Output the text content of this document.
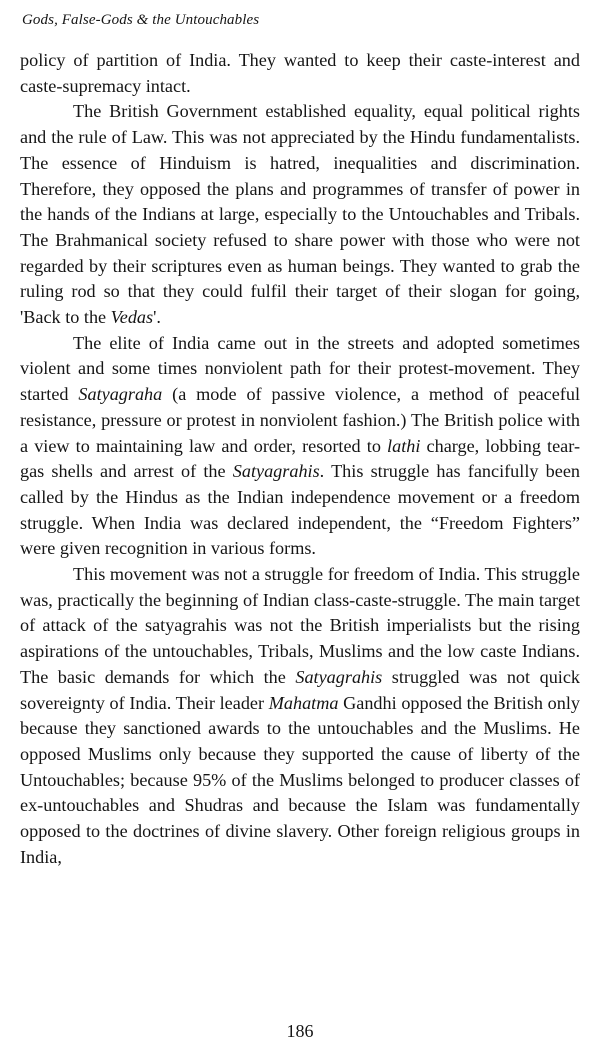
Gods, False-Gods & the Untouchables

policy of partition of India. They wanted to keep their caste-interest and caste-supremacy intact.

The British Government established equality, equal political rights and the rule of Law. This was not appreciated by the Hindu fundamentalists. The essence of Hinduism is hatred, inequalities and discrimination. Therefore, they opposed the plans and programmes of transfer of power in the hands of the Indians at large, especially to the Untouchables and Tribals. The Brahmanical society refused to share power with those who were not regarded by their scriptures even as human beings. They wanted to grab the ruling rod so that they could fulfil their target of their slogan for going, 'Back to the Vedas'.

The elite of India came out in the streets and adopted sometimes violent and some times nonviolent path for their protest-movement. They started Satyagraha (a mode of passive violence, a method of peaceful resistance, pressure or protest in nonviolent fashion.) The British police with a view to maintaining law and order, resorted to lathi charge, lobbing tear-gas shells and arrest of the Satyagrahis. This struggle has fancifully been called by the Hindus as the Indian independence movement or a freedom struggle. When India was declared independent, the “Freedom Fighters” were given recognition in various forms.

This movement was not a struggle for freedom of India. This struggle was, practically the beginning of Indian class-caste-struggle. The main target of attack of the satyagrahis was not the British imperialists but the rising aspirations of the untouchables, Tribals, Muslims and the low caste Indians. The basic demands for which the Satyagrahis struggled was not quick sovereignty of India. Their leader Mahatma Gandhi opposed the British only because they sanctioned awards to the untouchables and the Muslims. He opposed Muslims only because they supported the cause of liberty of the Untouchables; because 95% of the Muslims belonged to producer classes of ex-untouchables and Shudras and because the Islam was fundamentally opposed to the doctrines of divine slavery. Other foreign religious groups in India,

186
